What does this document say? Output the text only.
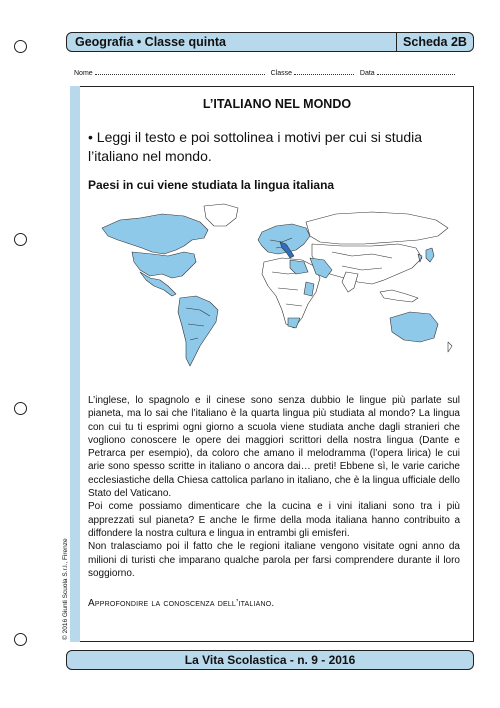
Geografia • Classe quinta	Scheda 2B
Nome	Classe	Data
© 2016 Giunti Scuola S.r.l., Firenze
L’ITALIANO NEL MONDO
• Leggi il testo e poi sottolinea i motivi per cui si studia l’italiano nel mondo.
Paesi in cui viene studiata la lingua italiana

L’inglese, lo spagnolo e il cinese sono senza dubbio le lingue più parlate sul pianeta, ma lo sai che l’italiano è la quarta lingua più studiata al mondo? La lingua con cui tu ti esprimi ogni giorno a scuola viene studiata anche dagli stranieri che vogliono conoscere le opere dei maggiori scrittori della nostra lingua (Dante e Petrarca per esempio), da coloro che amano il melodramma (l’opera lirica) le cui arie sono spesso scritte in italiano o ancora dai… preti! Ebbene sì, le varie cariche ecclesiastiche della Chiesa cattolica parlano in italiano, che è la lingua ufficiale dello Stato del Vaticano.

Poi come possiamo dimenticare che la cucina e i vini italiani sono tra i più apprezzati sul pianeta? E anche le firme della moda italiana hanno contribuito a diffondere la nostra cultura e lingua in entrambi gli emisferi.

Non tralasciamo poi il fatto che le regioni italiane vengono visitate ogni anno da milioni di turisti che imparano qualche parola per farsi comprendere durante il loro soggiorno.

Approfondire la conoscenza dell’italiano.
La Vita Scolastica - n. 9 - 2016
